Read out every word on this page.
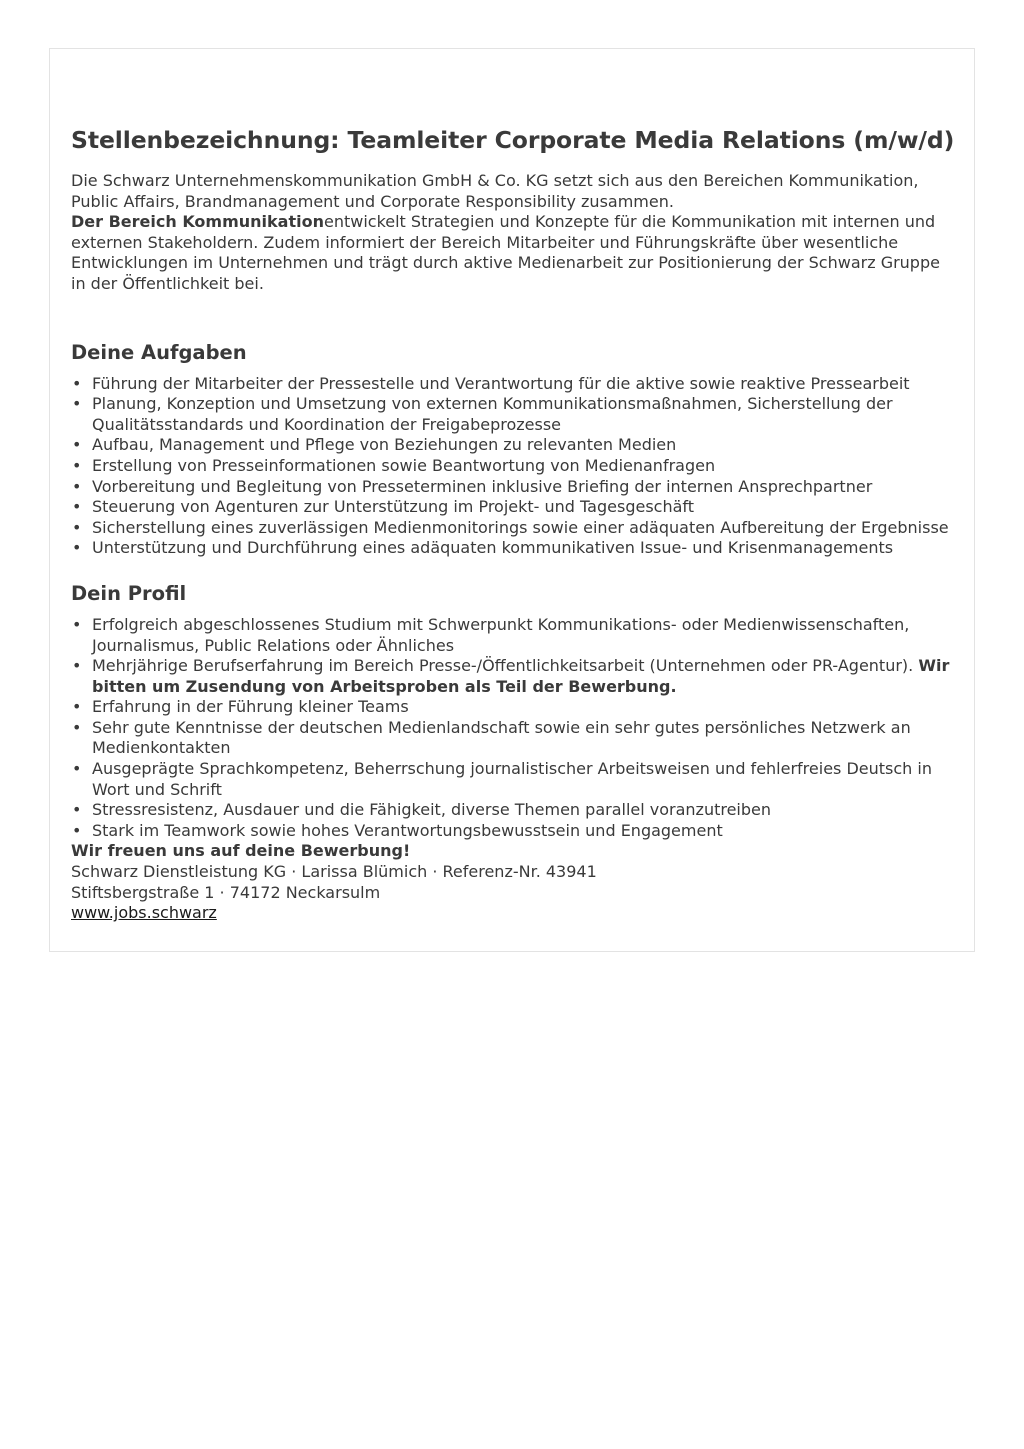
Stellenbezeichnung: Teamleiter Corporate Media Relations (m/w/d)

Die Schwarz Unternehmenskommunikation GmbH & Co. KG setzt sich aus den Bereichen Kommunikation, Public Affairs, Brandmanagement und Corporate Responsibility zusammen.

Der Bereich Kommunikationentwickelt Strategien und Konzepte für die Kommunikation mit internen und externen Stakeholdern. Zudem informiert der Bereich Mitarbeiter und Führungskräfte über wesentliche Entwicklungen im Unternehmen und trägt durch aktive Medienarbeit zur Positionierung der Schwarz Gruppe in der Öffentlichkeit bei.

Deine Aufgaben
• Führung der Mitarbeiter der Pressestelle und Verantwortung für die aktive sowie reaktive Pressearbeit
• Planung, Konzeption und Umsetzung von externen Kommunikationsmaßnahmen, Sicherstellung der Qualitätsstandards und Koordination der Freigabeprozesse
• Aufbau, Management und Pflege von Beziehungen zu relevanten Medien
• Erstellung von Presseinformationen sowie Beantwortung von Medienanfragen
• Vorbereitung und Begleitung von Presseterminen inklusive Briefing der internen Ansprechpartner
• Steuerung von Agenturen zur Unterstützung im Projekt- und Tagesgeschäft
• Sicherstellung eines zuverlässigen Medienmonitorings sowie einer adäquaten Aufbereitung der Ergebnisse
• Unterstützung und Durchführung eines adäquaten kommunikativen Issue- und Krisenmanagements
Dein Profil
• Erfolgreich abgeschlossenes Studium mit Schwerpunkt Kommunikations- oder Medienwissenschaften, Journalismus, Public Relations oder Ähnliches
• Mehrjährige Berufserfahrung im Bereich Presse-/Öffentlichkeitsarbeit (Unternehmen oder PR-Agentur). Wir bitten um Zusendung von Arbeitsproben als Teil der Bewerbung.
• Erfahrung in der Führung kleiner Teams
• Sehr gute Kenntnisse der deutschen Medienlandschaft sowie ein sehr gutes persönliches Netzwerk an Medienkontakten
• Ausgeprägte Sprachkompetenz, Beherrschung journalistischer Arbeitsweisen und fehlerfreies Deutsch in Wort und Schrift
• Stressresistenz, Ausdauer und die Fähigkeit, diverse Themen parallel voranzutreiben
• Stark im Teamwork sowie hohes Verantwortungsbewusstsein und Engagement

Wir freuen uns auf deine Bewerbung!

Schwarz Dienstleistung KG · Larissa Blümich · Referenz-Nr. 43941

Stiftsbergstraße 1 · 74172 Neckarsulm

www.jobs.schwarz
